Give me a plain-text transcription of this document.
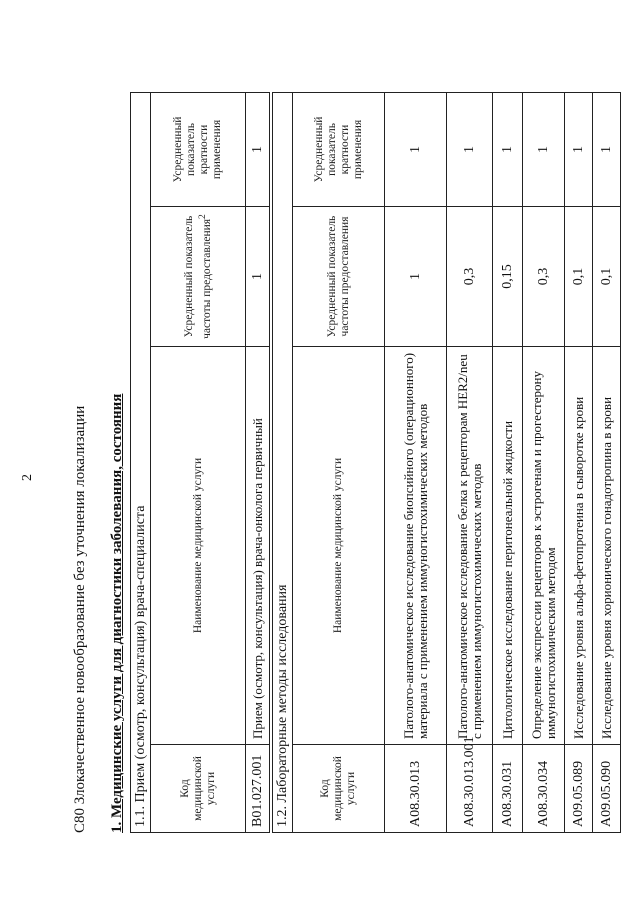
2 C80 Злокачественное новообразование без уточнения локализации 1. Медицинские услуги для диагностики заболевания, состояния 1.1. Прием (осмотр, консультация) врача-специалиста			
Код медицинской услуги	Наименование медицинской услуги	Усредненный показатель частоты предоставления$^2$	Усредненный показатель кратности применения
B01.027.001	Прием (осмотр, консультация) врача-онколога первичный	1	1
1.2. Лабораторные методы исследования			
Код медицинской услуги	Наименование медицинской услуги	Усредненный показатель частоты предоставления	Усредненный показатель кратности применения
A08.30.013	Патолого-анатомическое исследование биопсийного (операционного) материала с применением иммуногистохимических методов	1	1
A08.30.013.001	Патолого-анатомическое исследование белка к рецепторам HER2/neu с применением иммуногистохимических методов	0,3	1
A08.30.031	Цитологическое исследование перитонеальной жидкости	0,15	1
A08.30.034	Определение экспрессии рецепторов к эстрогенам и прогестерону иммуногистохимическим методом	0,3	1
A09.05.089	Исследование уровня альфа-фетопротеина в сыворотке крови	0,1	1
A09.05.090	Исследование уровня хорионического гонадотропина в крови	0,1	1
